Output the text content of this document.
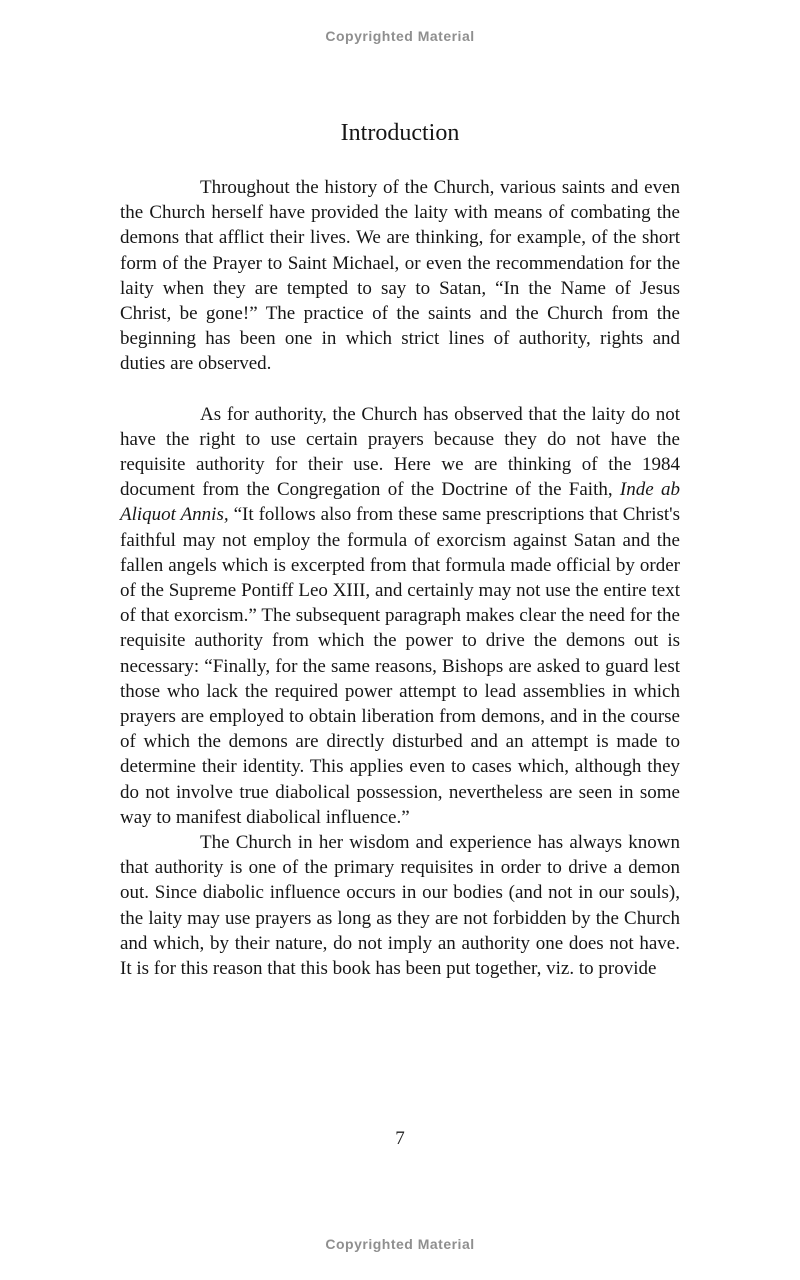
Copyrighted Material
Introduction

Throughout the history of the Church, various saints and even the Church herself have provided the laity with means of combating the demons that afflict their lives. We are thinking, for example, of the short form of the Prayer to Saint Michael, or even the recommendation for the laity when they are tempted to say to Satan, “In the Name of Jesus Christ, be gone!” The practice of the saints and the Church from the beginning has been one in which strict lines of authority, rights and duties are observed.

As for authority, the Church has observed that the laity do not have the right to use certain prayers because they do not have the requisite authority for their use. Here we are thinking of the 1984 document from the Congregation of the Doctrine of the Faith, Inde ab Aliquot Annis, “It follows also from these same prescriptions that Christ's faithful may not employ the formula of exorcism against Satan and the fallen angels which is excerpted from that formula made official by order of the Supreme Pontiff Leo XIII, and certainly may not use the entire text of that exorcism.” The subsequent paragraph makes clear the need for the requisite authority from which the power to drive the demons out is necessary: “Finally, for the same reasons, Bishops are asked to guard lest those who lack the required power attempt to lead assemblies in which prayers are employed to obtain liberation from demons, and in the course of which the demons are directly disturbed and an attempt is made to determine their identity. This applies even to cases which, although they do not involve true diabolical possession, nevertheless are seen in some way to manifest diabolical influence.”

The Church in her wisdom and experience has always known that authority is one of the primary requisites in order to drive a demon out. Since diabolic influence occurs in our bodies (and not in our souls), the laity may use prayers as long as they are not forbidden by the Church and which, by their nature, do not imply an authority one does not have. It is for this reason that this book has been put together, viz. to provide

7
Copyrighted Material
